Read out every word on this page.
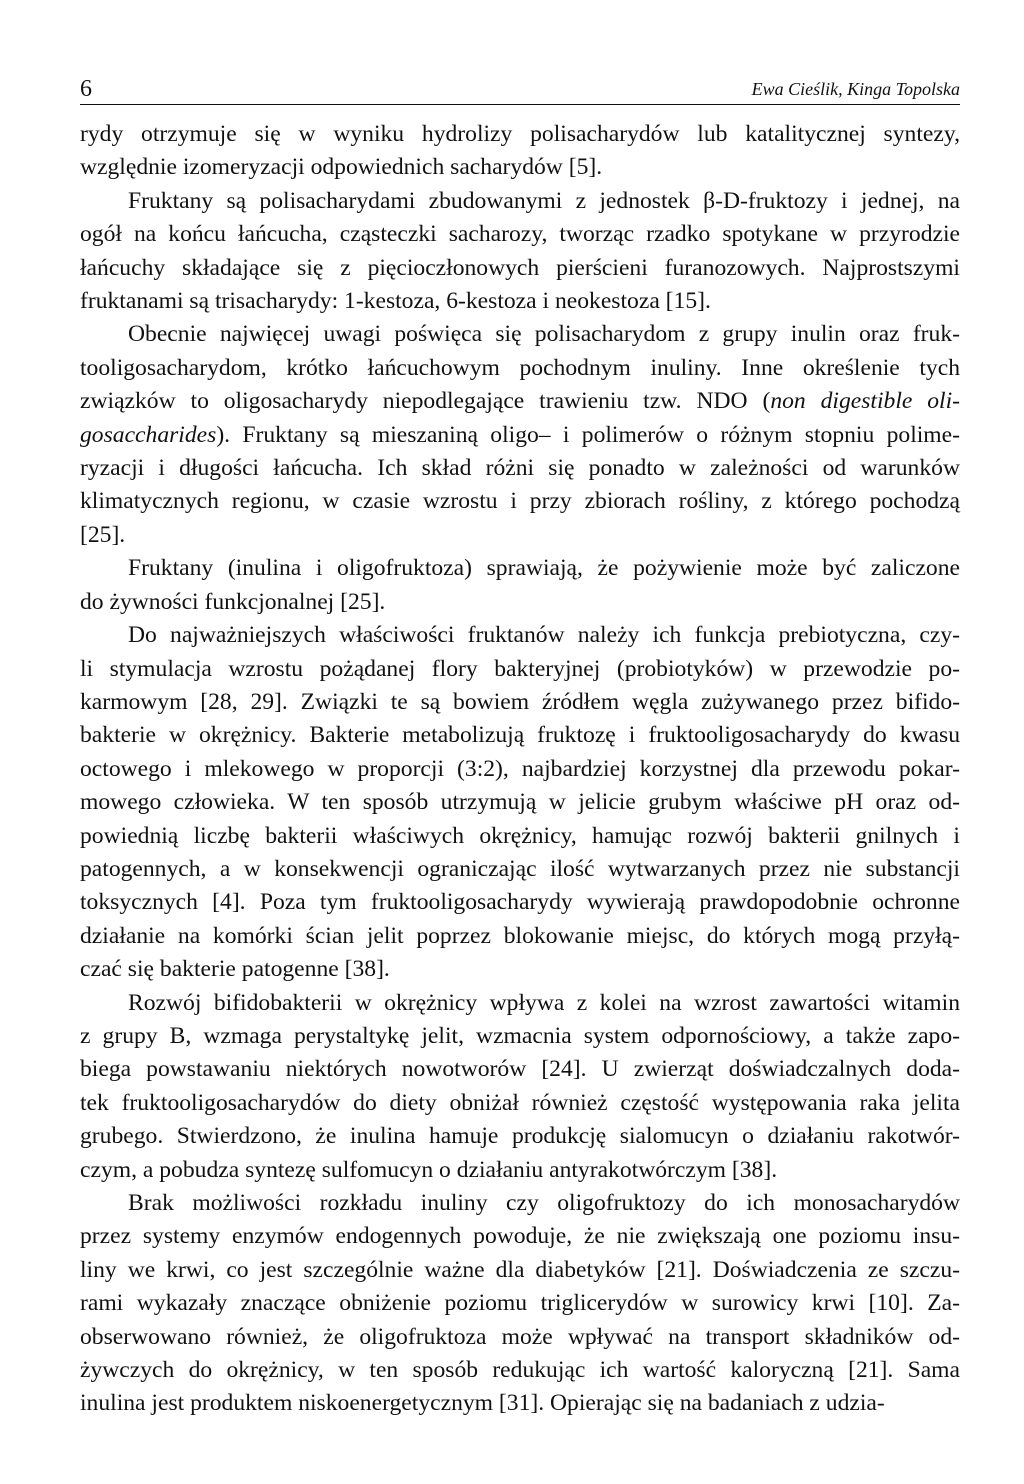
6	Ewa Cieślik, Kinga Topolska
rydy otrzymuje się w wyniku hydrolizy polisacharydów lub katalitycznej syntezy,
względnie izomeryzacji odpowiednich sacharydów [5].
Fruktany są polisacharydami zbudowanymi z jednostek β-D-fruktozy i jednej, na
ogół na końcu łańcucha, cząsteczki sacharozy, tworząc rzadko spotykane w przyrodzie
łańcuchy składające się z pięcioczłonowych pierścieni furanozowych. Najprostszymi
fruktanami są trisacharydy: 1-kestoza, 6-kestoza i neokestoza [15].
Obecnie najwięcej uwagi poświęca się polisacharydom z grupy inulin oraz fruk-
tooligosacharydom, krótko łańcuchowym pochodnym inuliny. Inne określenie tych
związków to oligosacharydy niepodlegające trawieniu tzw. NDO (non digestible oli-
gosaccharides). Fruktany są mieszaniną oligo– i polimerów o różnym stopniu polime-
ryzacji i długości łańcucha. Ich skład różni się ponadto w zależności od warunków
klimatycznych regionu, w czasie wzrostu i przy zbiorach rośliny, z którego pochodzą
[25].
Fruktany (inulina i oligofruktoza) sprawiają, że pożywienie może być zaliczone
do żywności funkcjonalnej [25].
Do najważniejszych właściwości fruktanów należy ich funkcja prebiotyczna, czy-
li stymulacja wzrostu pożądanej flory bakteryjnej (probiotyków) w przewodzie po-
karmowym [28, 29]. Związki te są bowiem źródłem węgla zużywanego przez bifido-
bakterie w okrężnicy. Bakterie metabolizują fruktozę i fruktooligosacharydy do kwasu
octowego i mlekowego w proporcji (3:2), najbardziej korzystnej dla przewodu pokar-
mowego człowieka. W ten sposób utrzymują w jelicie grubym właściwe pH oraz od-
powiednią liczbę bakterii właściwych okrężnicy, hamując rozwój bakterii gnilnych i
patogennych, a w konsekwencji ograniczając ilość wytwarzanych przez nie substancji
toksycznych [4]. Poza tym fruktooligosacharydy wywierają prawdopodobnie ochronne
działanie na komórki ścian jelit poprzez blokowanie miejsc, do których mogą przyłą-
czać się bakterie patogenne [38].
Rozwój bifidobakterii w okrężnicy wpływa z kolei na wzrost zawartości witamin
z grupy B, wzmaga perystaltykę jelit, wzmacnia system odpornościowy, a także zapo-
biega powstawaniu niektórych nowotworów [24]. U zwierząt doświadczalnych doda-
tek fruktooligosacharydów do diety obniżał również częstość występowania raka jelita
grubego. Stwierdzono, że inulina hamuje produkcję sialomucyn o działaniu rakotwór-
czym, a pobudza syntezę sulfomucyn o działaniu antyrakotwórczym [38].
Brak możliwości rozkładu inuliny czy oligofruktozy do ich monosacharydów
przez systemy enzymów endogennych powoduje, że nie zwiększają one poziomu insu-
liny we krwi, co jest szczególnie ważne dla diabetyków [21]. Doświadczenia ze szczu-
rami wykazały znaczące obniżenie poziomu triglicerydów w surowicy krwi [10]. Za-
obserwowano również, że oligofruktoza może wpływać na transport składników od-
żywczych do okrężnicy, w ten sposób redukując ich wartość kaloryczną [21]. Sama
inulina jest produktem niskoenergetycznym [31]. Opierając się na badaniach z udzia-
